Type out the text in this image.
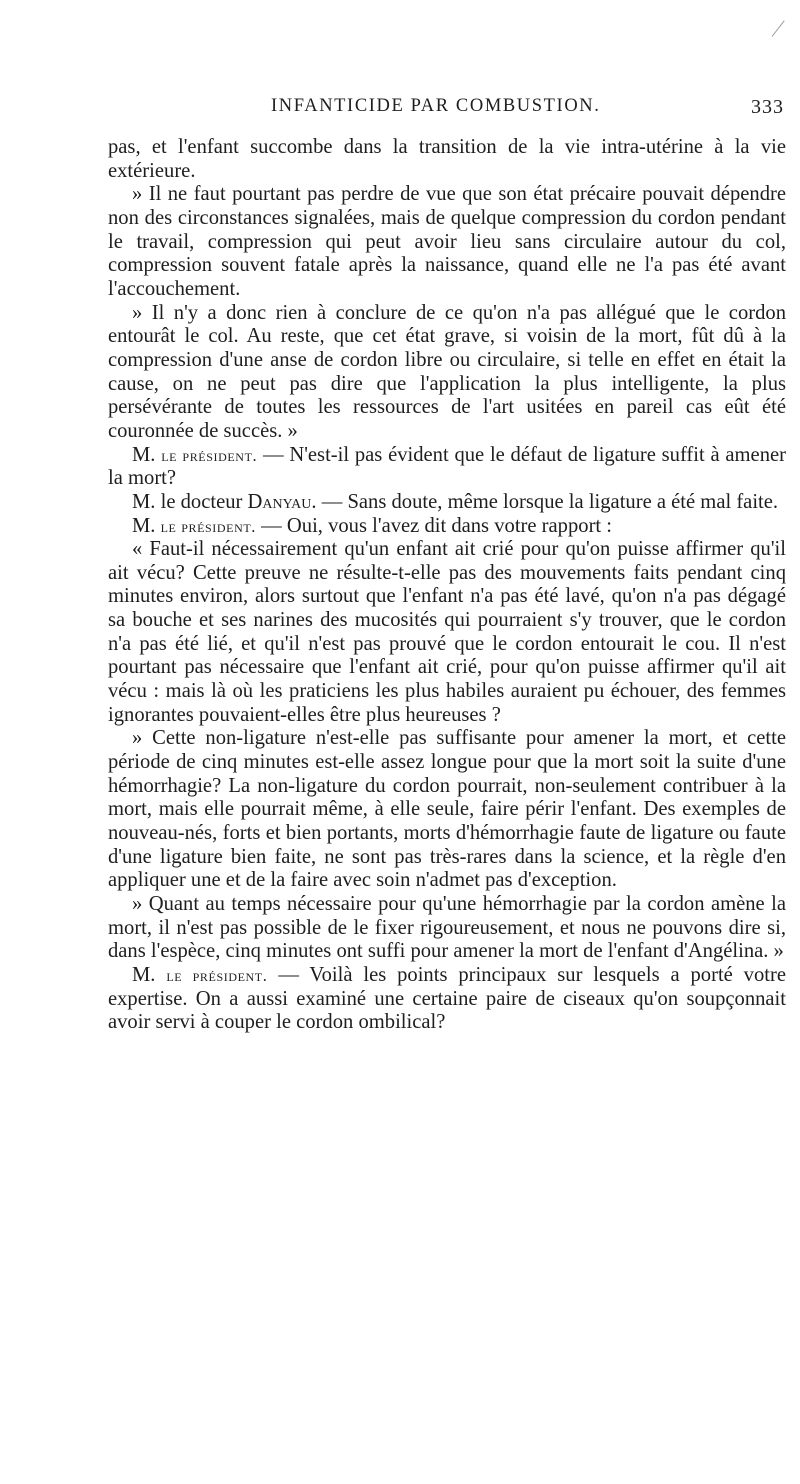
INFANTICIDE PAR COMBUSTION.	333

pas, et l'enfant succombe dans la transition de la vie intra-utérine à la vie extérieure.

» Il ne faut pourtant pas perdre de vue que son état précaire pouvait dépendre non des circonstances signalées, mais de quelque compression du cordon pendant le travail, compression qui peut avoir lieu sans circulaire autour du col, compression souvent fatale après la naissance, quand elle ne l'a pas été avant l'accouchement.

» Il n'y a donc rien à conclure de ce qu'on n'a pas allégué que le cordon entourât le col. Au reste, que cet état grave, si voisin de la mort, fût dû à la compression d'une anse de cordon libre ou circulaire, si telle en effet en était la cause, on ne peut pas dire que l'application la plus intelligente, la plus persévérante de toutes les ressources de l'art usitées en pareil cas eût été couronnée de succès. »

M. le président. — N'est-il pas évident que le défaut de ligature suffit à amener la mort?

M. le docteur Danyau. — Sans doute, même lorsque la ligature a été mal faite.

M. le président. — Oui, vous l'avez dit dans votre rapport :

« Faut-il nécessairement qu'un enfant ait crié pour qu'on puisse affirmer qu'il ait vécu? Cette preuve ne résulte-t-elle pas des mouvements faits pendant cinq minutes environ, alors surtout que l'enfant n'a pas été lavé, qu'on n'a pas dégagé sa bouche et ses narines des mucosités qui pourraient s'y trouver, que le cordon n'a pas été lié, et qu'il n'est pas prouvé que le cordon entourait le cou. Il n'est pourtant pas nécessaire que l'enfant ait crié, pour qu'on puisse affirmer qu'il ait vécu : mais là où les praticiens les plus habiles auraient pu échouer, des femmes ignorantes pouvaient-elles être plus heureuses ?

» Cette non-ligature n'est-elle pas suffisante pour amener la mort, et cette période de cinq minutes est-elle assez longue pour que la mort soit la suite d'une hémorrhagie? La non-ligature du cordon pourrait, non-seulement contribuer à la mort, mais elle pourrait même, à elle seule, faire périr l'enfant. Des exemples de nouveau-nés, forts et bien portants, morts d'hémorrhagie faute de ligature ou faute d'une ligature bien faite, ne sont pas très-rares dans la science, et la règle d'en appliquer une et de la faire avec soin n'admet pas d'exception.

» Quant au temps nécessaire pour qu'une hémorrhagie par la cordon amène la mort, il n'est pas possible de le fixer rigoureusement, et nous ne pouvons dire si, dans l'espèce, cinq minutes ont suffi pour amener la mort de l'enfant d'Angélina. »

M. le président. — Voilà les points principaux sur lesquels a porté votre expertise. On a aussi examiné une certaine paire de ciseaux qu'on soupçonnait avoir servi à couper le cordon ombilical?
